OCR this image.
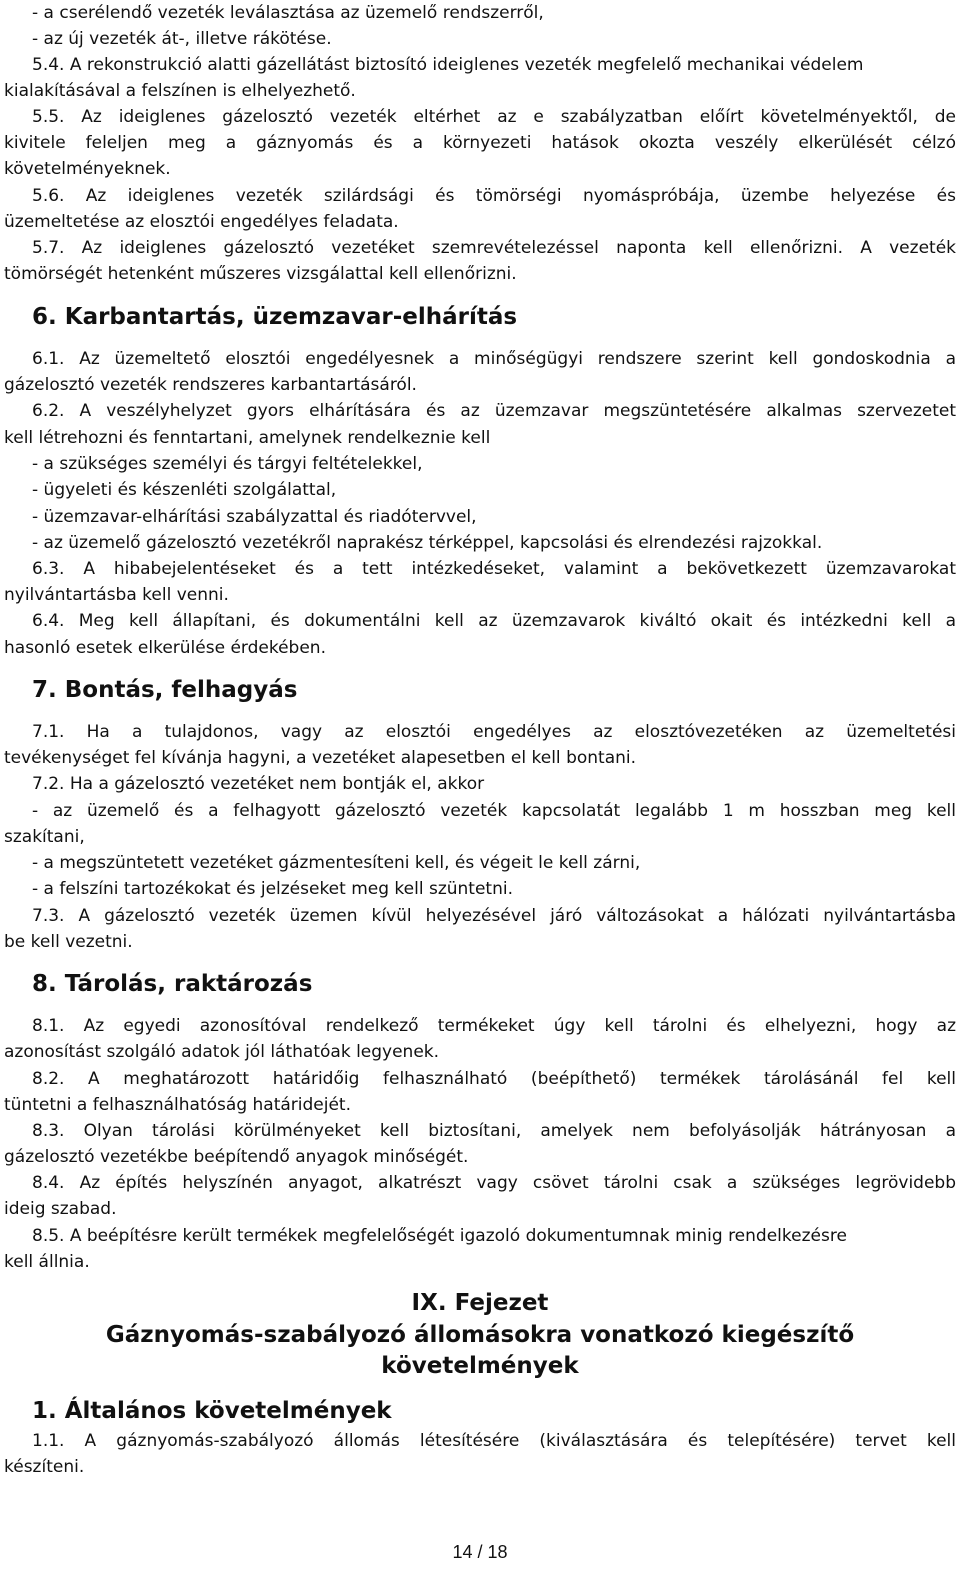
- a cserélendő vezeték leválasztása az üzemelő rendszerről,

- az új vezeték át-, illetve rákötése.

5.4. A rekonstrukció alatti gázellátást biztosító ideiglenes vezeték megfelelő mechanikai védelem

kialakításával a felszínen is elhelyezhető.

5.5. Az ideiglenes gázelosztó vezeték eltérhet az e szabályzatban előírt követelményektől, de

kivitele feleljen meg a gáznyomás és a környezeti hatások okozta veszély elkerülését célzó

követelményeknek.

5.6. Az ideiglenes vezeték szilárdsági és tömörségi nyomáspróbája, üzembe helyezése és

üzemeltetése az elosztói engedélyes feladata.

5.7. Az ideiglenes gázelosztó vezetéket szemrevételezéssel naponta kell ellenőrizni. A vezeték

tömörségét hetenként műszeres vizsgálattal kell ellenőrizni.

6. Karbantartás, üzemzavar-elhárítás

6.1. Az üzemeltető elosztói engedélyesnek a minőségügyi rendszere szerint kell gondoskodnia a

gázelosztó vezeték rendszeres karbantartásáról.

6.2. A veszélyhelyzet gyors elhárítására és az üzemzavar megszüntetésére alkalmas szervezetet

kell létrehozni és fenntartani, amelynek rendelkeznie kell

- a szükséges személyi és tárgyi feltételekkel,

- ügyeleti és készenléti szolgálattal,

- üzemzavar-elhárítási szabályzattal és riadótervvel,

- az üzemelő gázelosztó vezetékről naprakész térképpel, kapcsolási és elrendezési rajzokkal.

6.3. A hibabejelentéseket és a tett intézkedéseket, valamint a bekövetkezett üzemzavarokat

nyilvántartásba kell venni.

6.4. Meg kell állapítani, és dokumentálni kell az üzemzavarok kiváltó okait és intézkedni kell a

hasonló esetek elkerülése érdekében.

7. Bontás, felhagyás

7.1. Ha a tulajdonos, vagy az elosztói engedélyes az elosztóvezetéken az üzemeltetési

tevékenységet fel kívánja hagyni, a vezetéket alapesetben el kell bontani.

7.2. Ha a gázelosztó vezetéket nem bontják el, akkor

- az üzemelő és a felhagyott gázelosztó vezeték kapcsolatát legalább 1 m hosszban meg kell

szakítani,

- a megszüntetett vezetéket gázmentesíteni kell, és végeit le kell zárni,

- a felszíni tartozékokat és jelzéseket meg kell szüntetni.

7.3. A gázelosztó vezeték üzemen kívül helyezésével járó változásokat a hálózati nyilvántartásba

be kell vezetni.

8. Tárolás, raktározás

8.1. Az egyedi azonosítóval rendelkező termékeket úgy kell tárolni és elhelyezni, hogy az

azonosítást szolgáló adatok jól láthatóak legyenek.

8.2. A meghatározott határidőig felhasználható (beépíthető) termékek tárolásánál fel kell

tüntetni a felhasználhatóság határidejét.

8.3. Olyan tárolási körülményeket kell biztosítani, amelyek nem befolyásolják hátrányosan a

gázelosztó vezetékbe beépítendő anyagok minőségét.

8.4. Az építés helyszínén anyagot, alkatrészt vagy csövet tárolni csak a szükséges legrövidebb

ideig szabad.

8.5. A beépítésre került termékek megfelelőségét igazoló dokumentumnak minig rendelkezésre

kell állnia.

IX. Fejezet
Gáznyomás-szabályozó állomásokra vonatkozó kiegészítő
követelmények
1. Általános követelmények

1.1. A gáznyomás-szabályozó állomás létesítésére (kiválasztására és telepítésére) tervet kell

készíteni.

14 / 18
